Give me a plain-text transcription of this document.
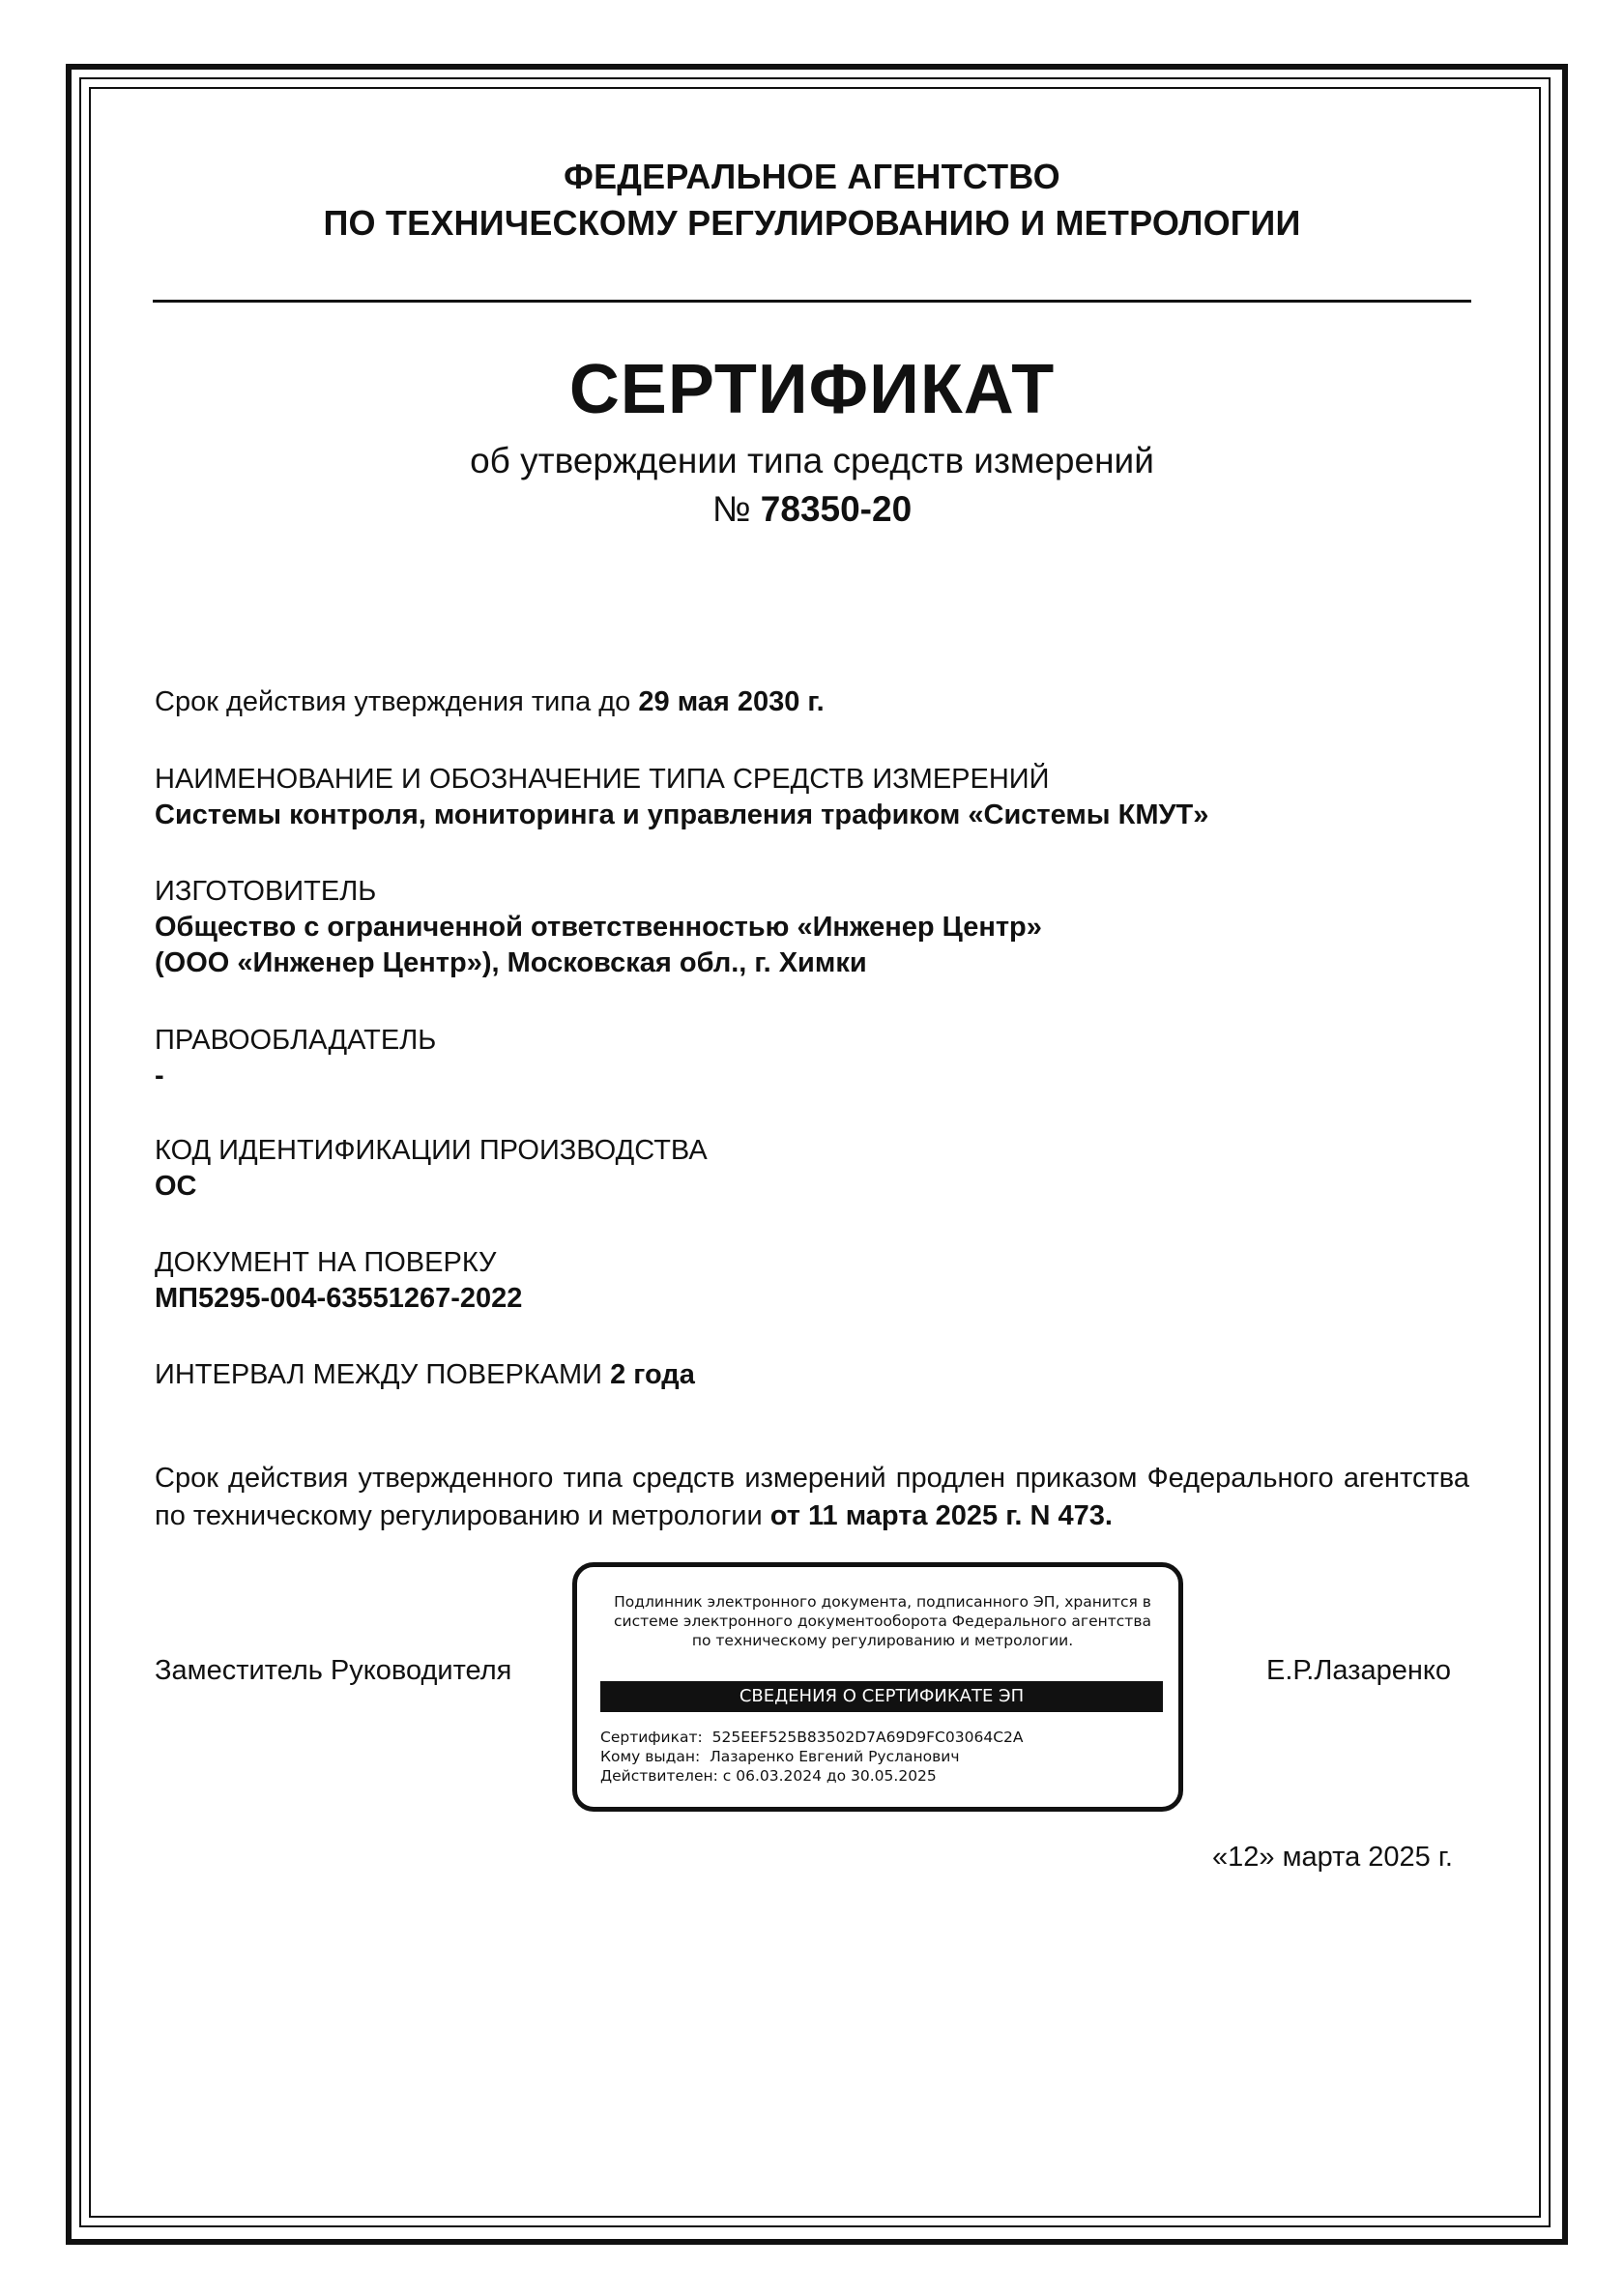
ФЕДЕРАЛЬНОЕ АГЕНТСТВО
ПО ТЕХНИЧЕСКОМУ РЕГУЛИРОВАНИЮ И МЕТРОЛОГИИ
СЕРТИФИКАТ
об утверждении типа средств измерений
№ 78350-20
Срок действия утверждения типа до 29 мая 2030 г.
НАИМЕНОВАНИЕ И ОБОЗНАЧЕНИЕ ТИПА СРЕДСТВ ИЗМЕРЕНИЙ
Системы контроля, мониторинга и управления трафиком «Системы КМУТ»
ИЗГОТОВИТЕЛЬ
Общество с ограниченной ответственностью «Инженер Центр»
(ООО «Инженер Центр»), Московская обл., г. Химки
ПРАВООБЛАДАТЕЛЬ
-
КОД ИДЕНТИФИКАЦИИ ПРОИЗВОДСТВА
ОС
ДОКУМЕНТ НА ПОВЕРКУ
МП5295-004-63551267-2022
ИНТЕРВАЛ МЕЖДУ ПОВЕРКАМИ 2 года
Срок действия утвержденного типа средств измерений продлен приказом Федерального агентства по техническому регулированию и метрологии от 11 марта 2025 г. N 473.
Заместитель Руководителя	Е.Р.Лазаренко
Подлинник электронного документа, подписанного ЭП, хранится в системе электронного документооборота Федерального агентства по техническому регулированию и метрологии.
СВЕДЕНИЯ О СЕРТИФИКАТЕ ЭП
Сертификат: 525EEF525B83502D7A69D9FC03064C2A
Кому выдан: Лазаренко Евгений Русланович
Действителен: с 06.03.2024 до 30.05.2025
«12» марта 2025 г.
